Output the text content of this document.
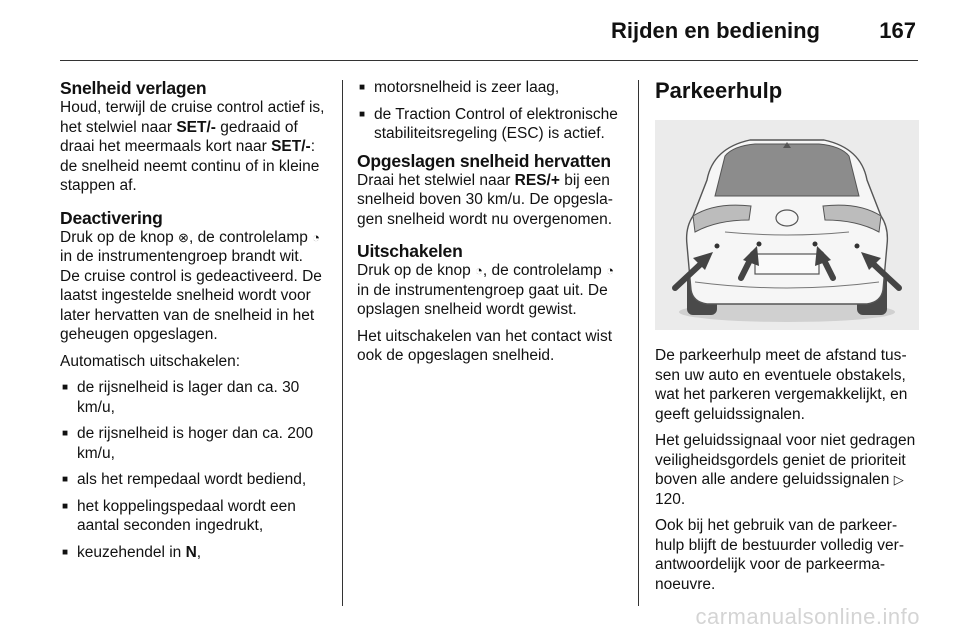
Rijden en bediening	167
Snelheid verlagen

Houd, terwijl de cruise control actief is, het stelwiel naar SET/- gedraaid of draai het meermaals kort naar SET/-: de snelheid neemt continu of in kleine stappen af.

Deactivering

Druk op de knop ⊗, de controlelamp ◔ in de instrumentengroep brandt wit. De cruise control is gedeactiveerd. De laatst ingestelde snelheid wordt voor later hervatten van de snelheid in het geheugen opgeslagen.

Automatisch uitschakelen:

■ de rijsnelheid is lager dan ca. 30 km/u,
■ de rijsnelheid is hoger dan ca. 200 km/u,
■ als het rempedaal wordt bediend,
■ het koppelingspedaal wordt een aantal seconden ingedrukt,
■ keuzehendel in N,
■ motorsnelheid is zeer laag,
■ de Traction Control of elektronische stabiliteitsregeling (ESC) is actief.
Opgeslagen snelheid hervatten

Draai het stelwiel naar RES/+ bij een snelheid boven 30 km/u. De opgeslagen snelheid wordt nu overgenomen.

Uitschakelen

Druk op de knop ◔, de controlelamp ◔ in de instrumentengroep gaat uit. De opslagen snelheid wordt gewist.

Het uitschakelen van het contact wist ook de opgeslagen snelheid.

Parkeerhulp

De parkeerhulp meet de afstand tussen uw auto en eventuele obstakels, wat het parkeren vergemakkelijkt, en geeft geluidssignalen.

Het geluidssignaal voor niet gedragen veiligheidsgordels geniet de prioriteit boven alle andere geluidssignalen ▷ 120.

Ook bij het gebruik van de parkeerhulp blijft de bestuurder volledig verantwoordelijk voor de parkeermanoeuvre.

carmanualsonline.info
